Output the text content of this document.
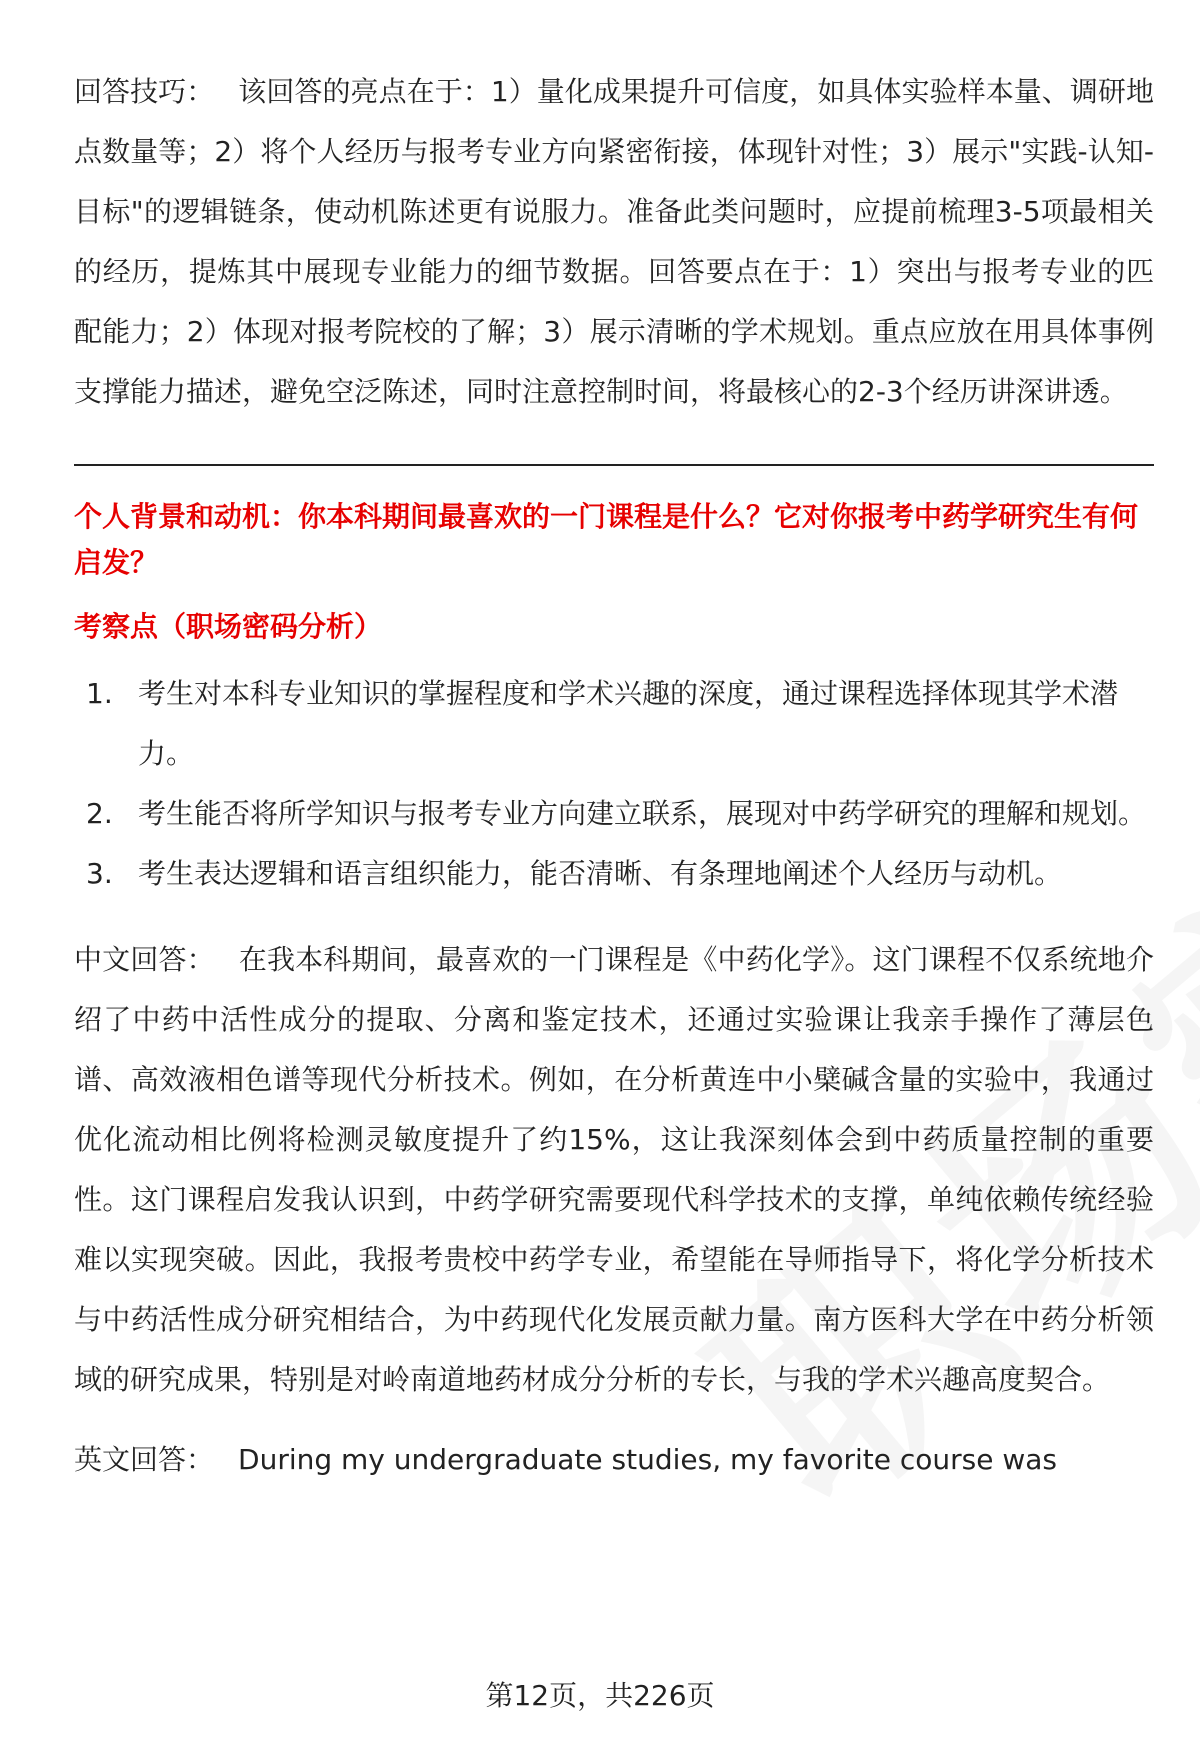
回答技巧： 该回答的亮点在于：1）量化成果提升可信度，如具体实验样本量、调研地点数量等；2）将个人经历与报考专业方向紧密衔接，体现针对性；3）展示"实践-认知-目标"的逻辑链条，使动机陈述更有说服力。准备此类问题时，应提前梳理3-5项最相关的经历，提炼其中展现专业能力的细节数据。回答要点在于：1）突出与报考专业的匹配能力；2）体现对报考院校的了解；3）展示清晰的学术规划。重点应放在用具体事例支撑能力描述，避免空泛陈述，同时注意控制时间，将最核心的2-3个经历讲深讲透。

个人背景和动机：你本科期间最喜欢的一门课程是什么？它对你报考中药学研究生有何启发？

考察点（职场密码分析）

1. 考生对本科专业知识的掌握程度和学术兴趣的深度，通过课程选择体现其学术潜力。
2. 考生能否将所学知识与报考专业方向建立联系，展现对中药学研究的理解和规划。
3. 考生表达逻辑和语言组织能力，能否清晰、有条理地阐述个人经历与动机。

中文回答： 在我本科期间，最喜欢的一门课程是《中药化学》。这门课程不仅系统地介绍了中药中活性成分的提取、分离和鉴定技术，还通过实验课让我亲手操作了薄层色谱、高效液相色谱等现代分析技术。例如，在分析黄连中小檗碱含量的实验中，我通过优化流动相比例将检测灵敏度提升了约15%，这让我深刻体会到中药质量控制的重要性。这门课程启发我认识到，中药学研究需要现代科学技术的支撑，单纯依赖传统经验难以实现突破。因此，我报考贵校中药学专业，希望能在导师指导下，将化学分析技术与中药活性成分研究相结合，为中药现代化发展贡献力量。南方医科大学在中药分析领域的研究成果，特别是对岭南道地药材成分分析的专长，与我的学术兴趣高度契合。

英文回答： During my undergraduate studies, my favorite course was

第12页，共226页
